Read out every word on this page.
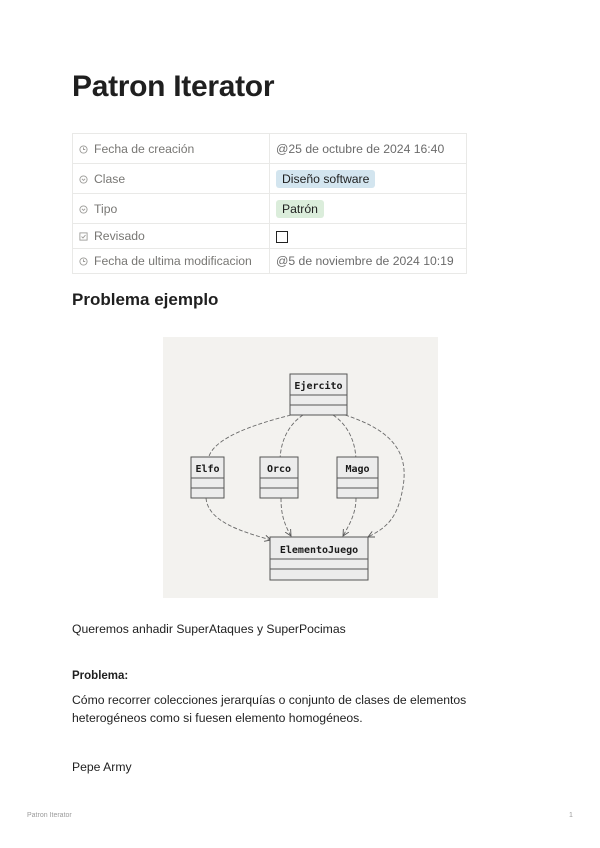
Patron Iterator
Fecha de creación	@25 de octubre de 2024 16:40
Clase	Diseño software
Tipo	Patrón
Revisado	
Fecha de ultima modificacion	@5 de noviembre de 2024 10:19
Problema ejemplo
Ejercito
Elfo	Orco	Mago
ElementoJuego

Queremos anhadir SuperAtaques y SuperPocimas

Problema:

Cómo recorrer colecciones jerarquías o conjunto de clases de elementos

heterogéneos como si fuesen elemento homogéneos.

Pepe Army

Patron Iterator	1
